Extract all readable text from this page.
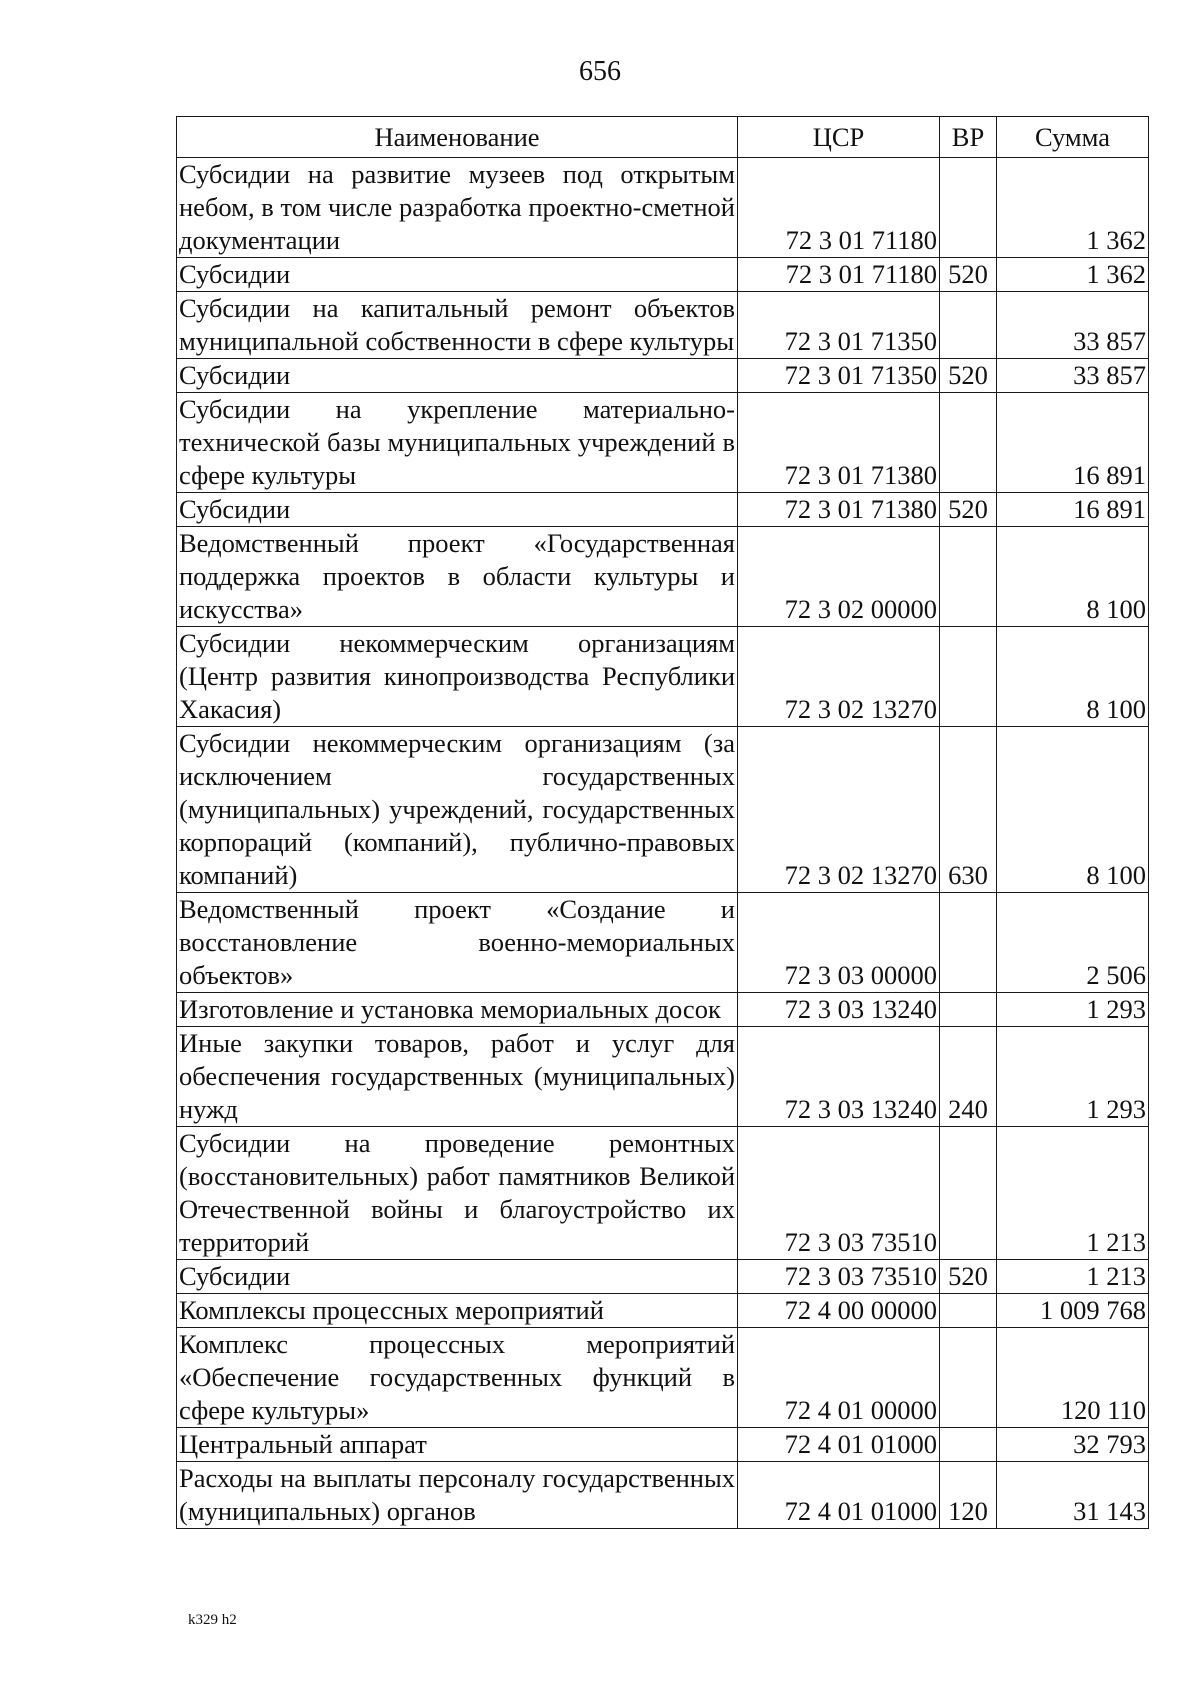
656
Наименование	ЦСР	ВР	Сумма
Субсидии на развитие музеев под открытым небом, в том числе разработка проектно-сметной документации	72 3 01 71180		1 362
Субсидии	72 3 01 71180	520	1 362
Субсидии на капитальный ремонт объектов муниципальной собственности в сфере культуры	72 3 01 71350		33 857
Субсидии	72 3 01 71350	520	33 857
Субсидии на укрепление материально-технической базы муниципальных учреждений в сфере культуры	72 3 01 71380		16 891
Субсидии	72 3 01 71380	520	16 891
Ведомственный проект «Государственная поддержка проектов в области культуры и искусства»	72 3 02 00000		8 100
Субсидии некоммерческим организациям (Центр развития кинопроизводства Республики Хакасия)	72 3 02 13270		8 100
Субсидии некоммерческим организациям (за исключением государственных (муниципальных) учреждений, государственных корпораций (компаний), публично-правовых компаний)	72 3 02 13270	630	8 100
Ведомственный проект «Создание и восстановление военно-мемориальных объектов»	72 3 03 00000		2 506
Изготовление и установка мемориальных досок	72 3 03 13240		1 293
Иные закупки товаров, работ и услуг для обеспечения государственных (муниципальных) нужд	72 3 03 13240	240	1 293
Субсидии на проведение ремонтных (восстановительных) работ памятников Великой Отечественной войны и благоустройство их территорий	72 3 03 73510		1 213
Субсидии	72 3 03 73510	520	1 213
Комплексы процессных мероприятий	72 4 00 00000		1 009 768
Комплекс процессных мероприятий «Обеспечение государственных функций в сфере культуры»	72 4 01 00000		120 110
Центральный аппарат	72 4 01 01000		32 793
Расходы на выплаты персоналу государственных (муниципальных) органов	72 4 01 01000	120	31 143
k329 h2
